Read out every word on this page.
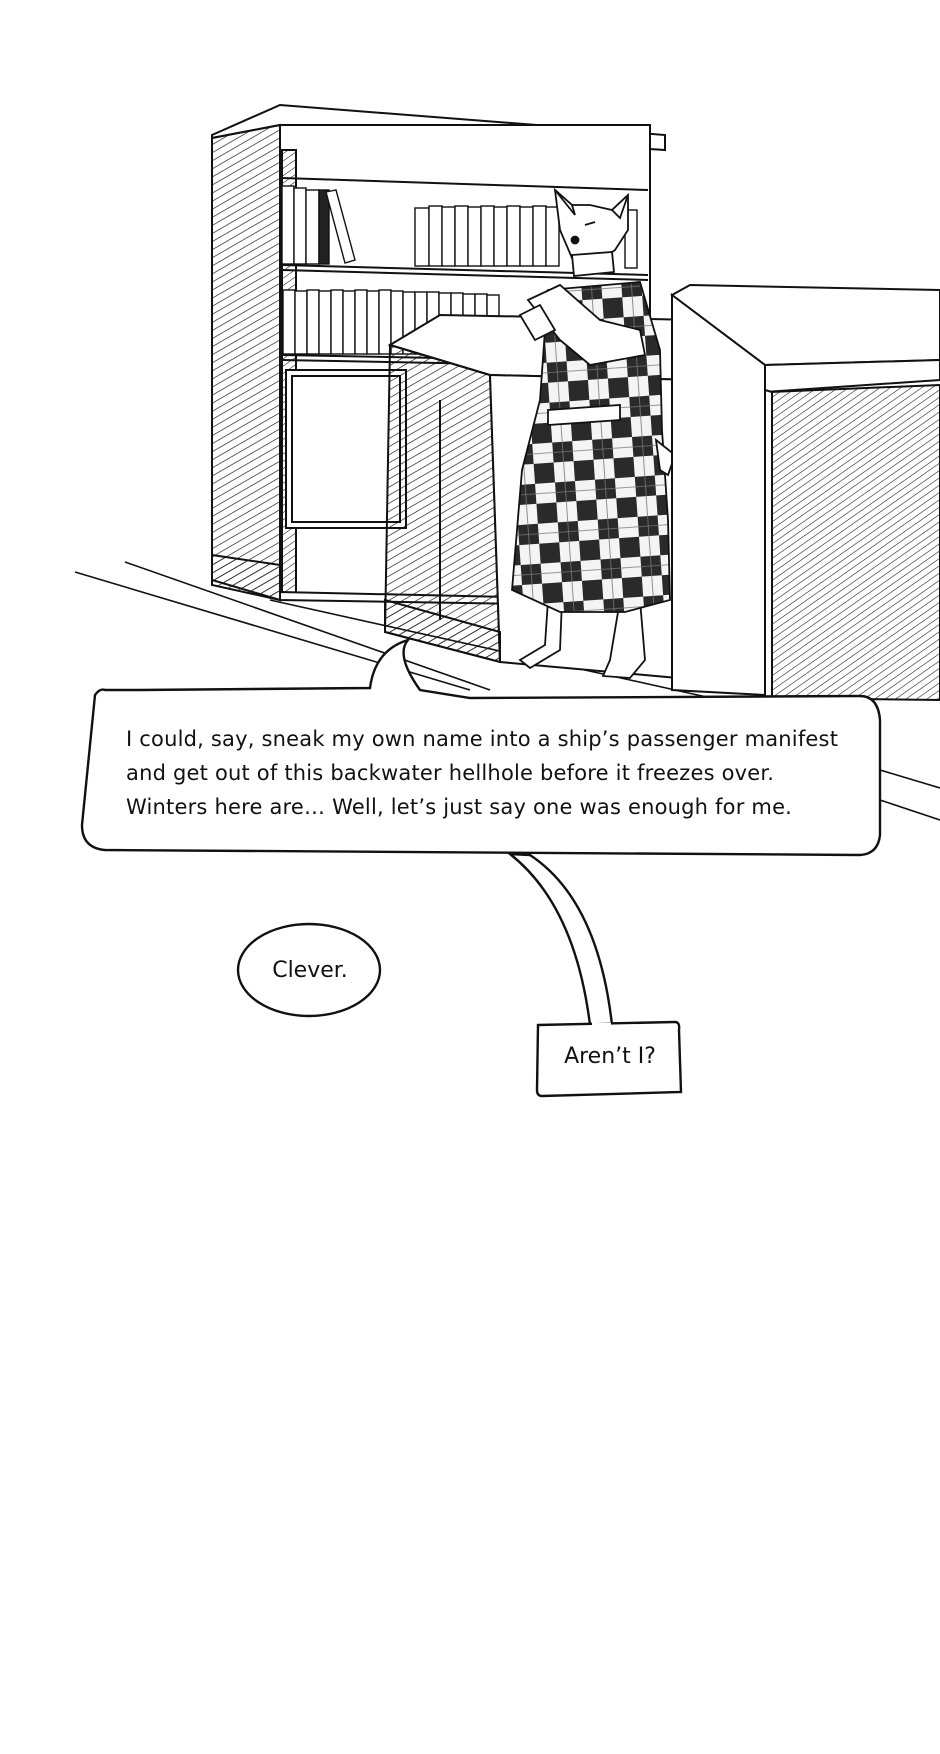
I could, say, sneak my own name into a ship’s passenger manifest
and get out of this backwater hellhole before it freezes over.
Winters here are… Well, let’s just say one was enough for me.
Clever.
Aren’t I?
